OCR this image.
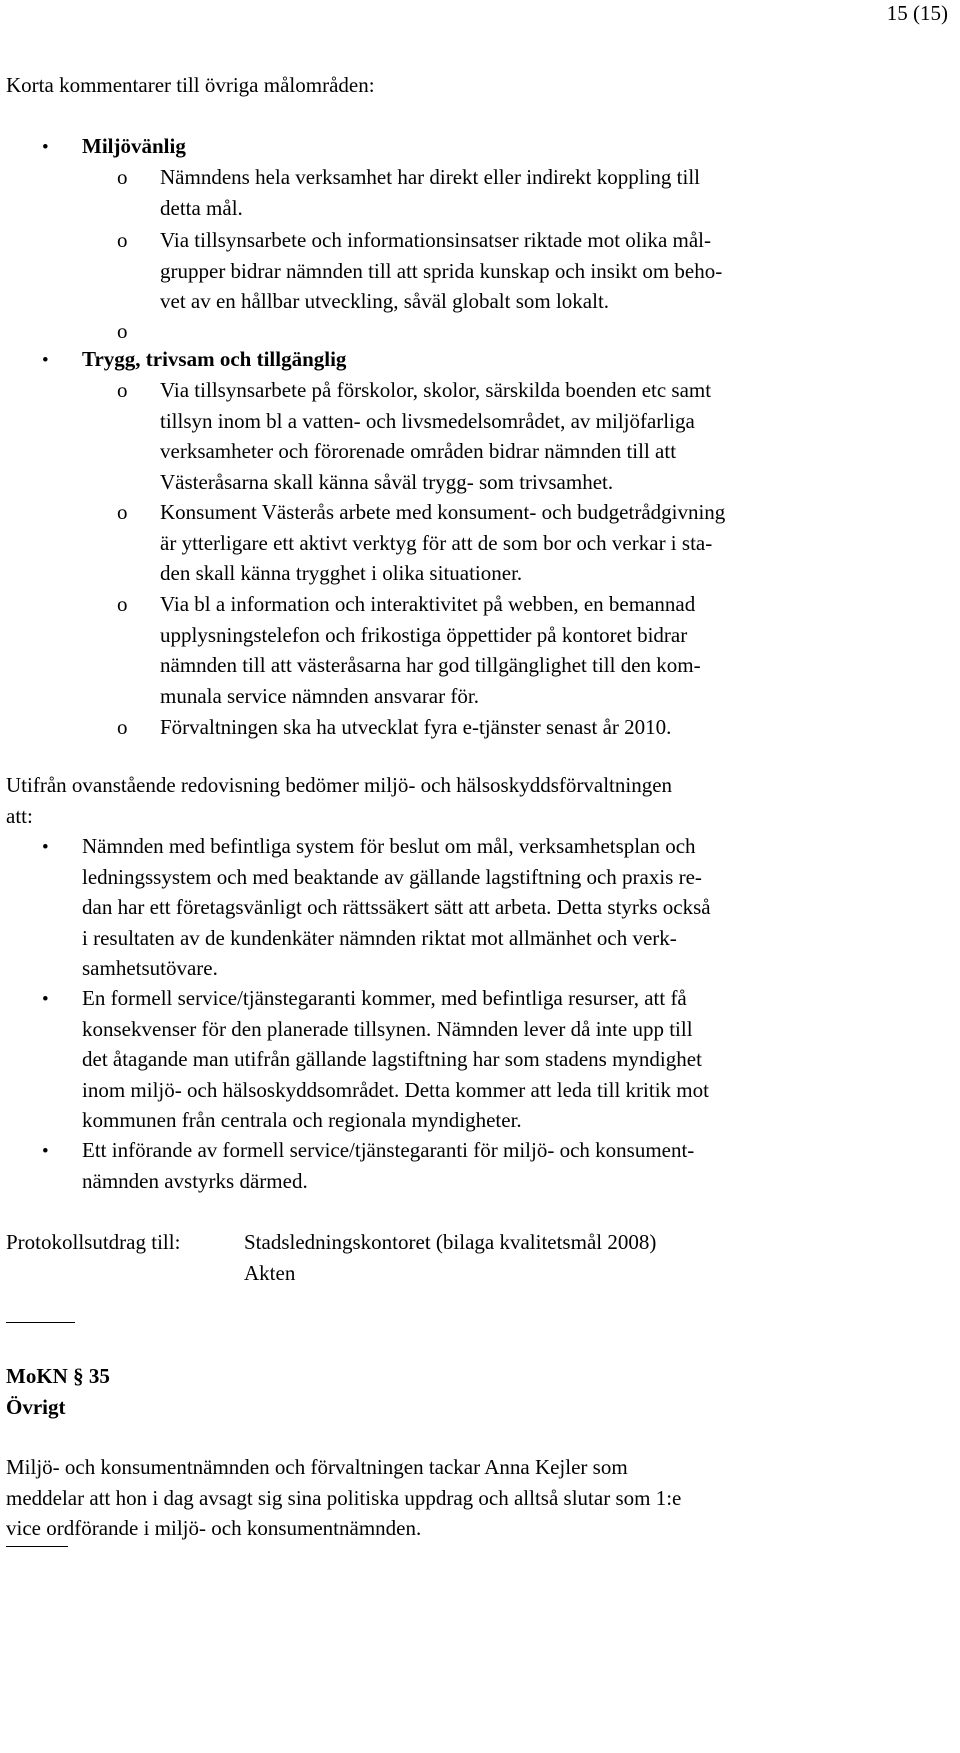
15 (15)
Korta kommentarer till övriga målområden:
• Miljövänlig
o Nämndens hela verksamhet har direkt eller indirekt koppling till
detta mål.
o Via tillsynsarbete och informationsinsatser riktade mot olika mål-
grupper bidrar nämnden till att sprida kunskap och insikt om beho-
vet av en hållbar utveckling, såväl globalt som lokalt.
o
• Trygg, trivsam och tillgänglig
o Via tillsynsarbete på förskolor, skolor, särskilda boenden etc samt
tillsyn inom bl a vatten- och livsmedelsområdet, av miljöfarliga
verksamheter och förorenade områden bidrar nämnden till att
Västeråsarna skall känna såväl trygg- som trivsamhet.
o Konsument Västerås arbete med konsument- och budgetrådgivning
är ytterligare ett aktivt verktyg för att de som bor och verkar i sta-
den skall känna trygghet i olika situationer.
o Via bl a information och interaktivitet på webben, en bemannad
upplysningstelefon och frikostiga öppettider på kontoret bidrar
nämnden till att västeråsarna har god tillgänglighet till den kom-
munala service nämnden ansvarar för.
o Förvaltningen ska ha utvecklat fyra e-tjänster senast år 2010.
Utifrån ovanstående redovisning bedömer miljö- och hälsoskyddsförvaltningen
att:
• Nämnden med befintliga system för beslut om mål, verksamhetsplan och
ledningssystem och med beaktande av gällande lagstiftning och praxis re-
dan har ett företagsvänligt och rättssäkert sätt att arbeta. Detta styrks också
i resultaten av de kundenkäter nämnden riktat mot allmänhet och verk-
samhetsutövare.
• En formell service/tjänstegaranti kommer, med befintliga resurser, att få
konsekvenser för den planerade tillsynen. Nämnden lever då inte upp till
det åtagande man utifrån gällande lagstiftning har som stadens myndighet
inom miljö- och hälsoskyddsområdet. Detta kommer att leda till kritik mot
kommunen från centrala och regionala myndigheter.
• Ett införande av formell service/tjänstegaranti för miljö- och konsument-
nämnden avstyrks därmed.
Protokollsutdrag till:	Stadsledningskontoret (bilaga kvalitetsmål 2008)
Akten
MoKN § 35
Övrigt
Miljö- och konsumentnämnden och förvaltningen tackar Anna Kejler som
meddelar att hon i dag avsagt sig sina politiska uppdrag och alltså slutar som 1:e
vice ordförande i miljö- och konsumentnämnden.
